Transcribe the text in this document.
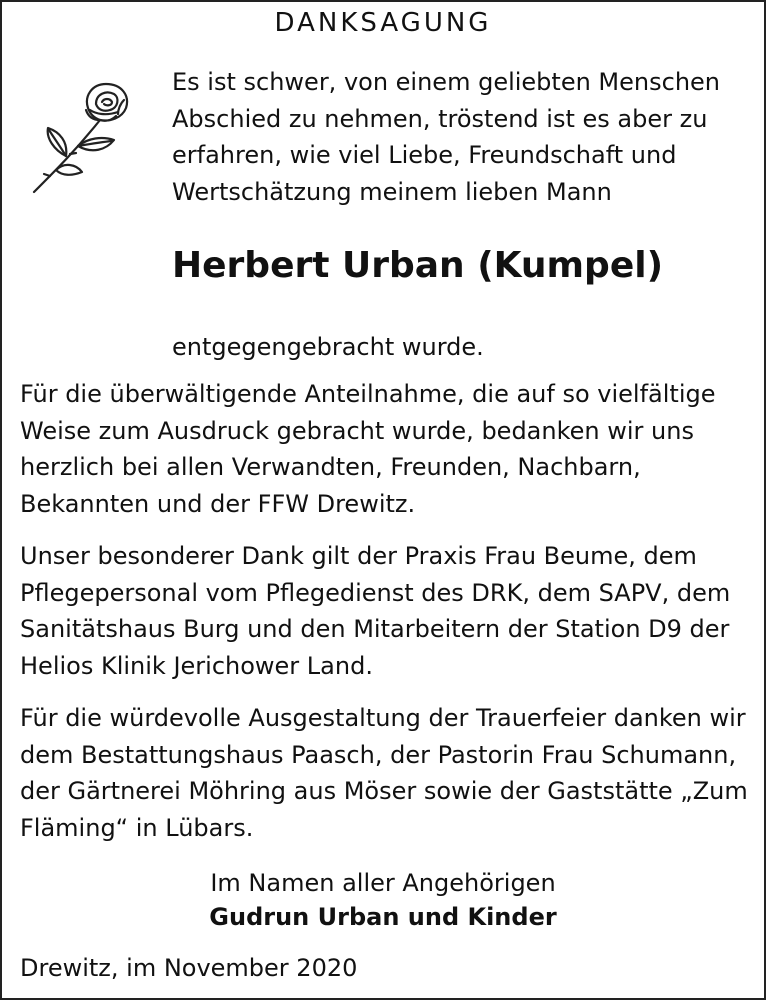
DANKSAGUNG

Es ist schwer, von einem geliebten Menschen

Abschied zu nehmen, tröstend ist es aber zu

erfahren, wie viel Liebe, Freundschaft und

Wertschätzung meinem lieben Mann

Herbert Urban (Kumpel)
entgegengebracht wurde.

Für die überwältigende Anteilnahme, die auf so vielfältige

Weise zum Ausdruck gebracht wurde, bedanken wir uns

herzlich bei allen Verwandten, Freunden, Nachbarn,

Bekannten und der FFW Drewitz.

Unser besonderer Dank gilt der Praxis Frau Beume, dem

Pflegepersonal vom Pflegedienst des DRK, dem SAPV, dem

Sanitätshaus Burg und den Mitarbeitern der Station D9 der

Helios Klinik Jerichower Land.

Für die würdevolle Ausgestaltung der Trauerfeier danken wir

dem Bestattungshaus Paasch, der Pastorin Frau Schumann,

der Gärtnerei Möhring aus Möser sowie der Gaststätte „Zum

Fläming“ in Lübars.

Im Namen aller Angehörigen
Gudrun Urban und Kinder
Drewitz, im November 2020
